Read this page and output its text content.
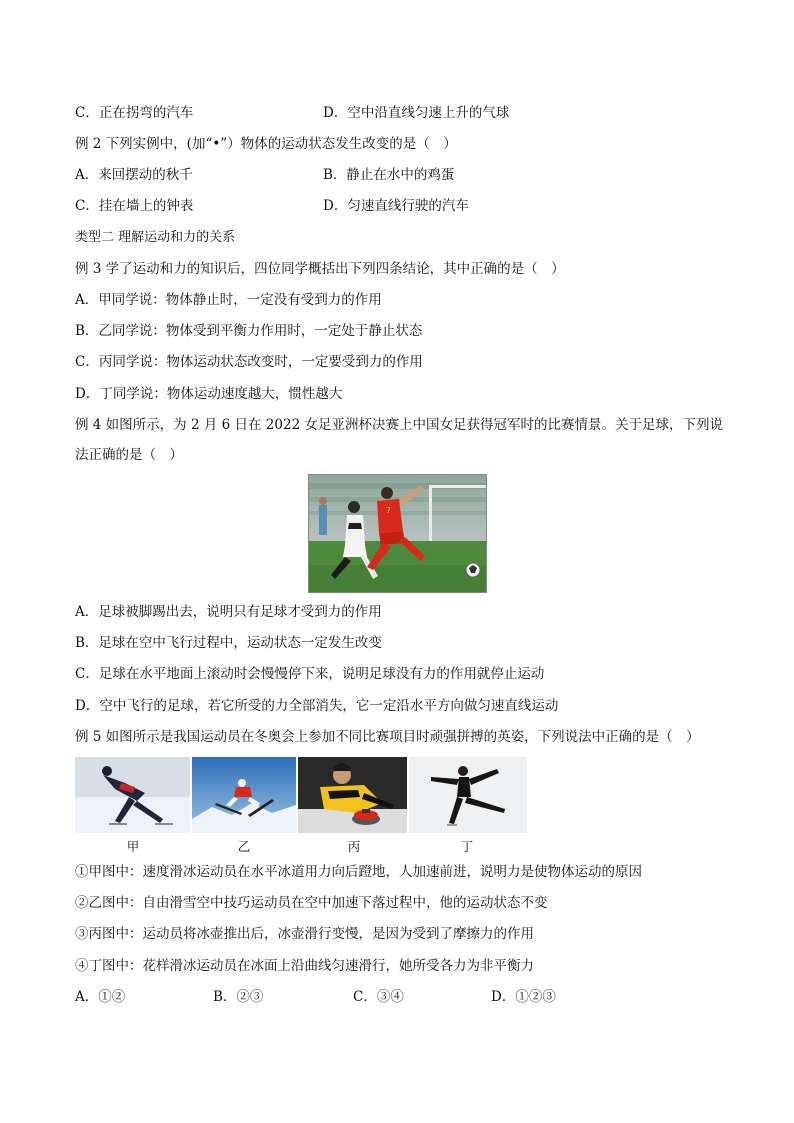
C．正在拐弯的汽车	D．空中沿直线匀速上升的气球
例 2 下列实例中，(加“•”）物体的运动状态发生改变的是（　）
A．来回摆动的秋千	B．静止在水中的鸡蛋
C．挂在墙上的钟表	D．匀速直线行驶的汽车
类型二 理解运动和力的关系
例 3 学了运动和力的知识后，四位同学概括出下列四条结论，其中正确的是（　）
A．甲同学说：物体静止时，一定没有受到力的作用
B．乙同学说：物体受到平衡力作用时，一定处于静止状态
C．丙同学说：物体运动状态改变时，一定要受到力的作用
D．丁同学说：物体运动速度越大，惯性越大
例 4 如图所示，为 2 月 6 日在 2022 女足亚洲杯决赛上中国女足获得冠军时的比赛情景。关于足球，下列说
法正确的是（　）
7
A．足球被脚踢出去，说明只有足球才受到力的作用
B．足球在空中飞行过程中，运动状态一定发生改变
C．足球在水平地面上滚动时会慢慢停下来，说明足球没有力的作用就停止运动
D．空中飞行的足球，若它所受的力全部消失，它一定沿水平方向做匀速直线运动
例 5 如图所示是我国运动员在冬奥会上参加不同比赛项目时顽强拼搏的英姿，下列说法中正确的是（　）
甲	乙	丙	丁
①甲图中：速度滑冰运动员在水平冰道用力向后蹬地，人加速前进，说明力是使物体运动的原因
②乙图中：自由滑雪空中技巧运动员在空中加速下落过程中，他的运动状态不变
③丙图中：运动员将冰壶推出后，冰壶滑行变慢，是因为受到了摩擦力的作用
④丁图中：花样滑冰运动员在冰面上沿曲线匀速滑行，她所受各力为非平衡力
A．①②	B．②③	C．③④	D．①②③
